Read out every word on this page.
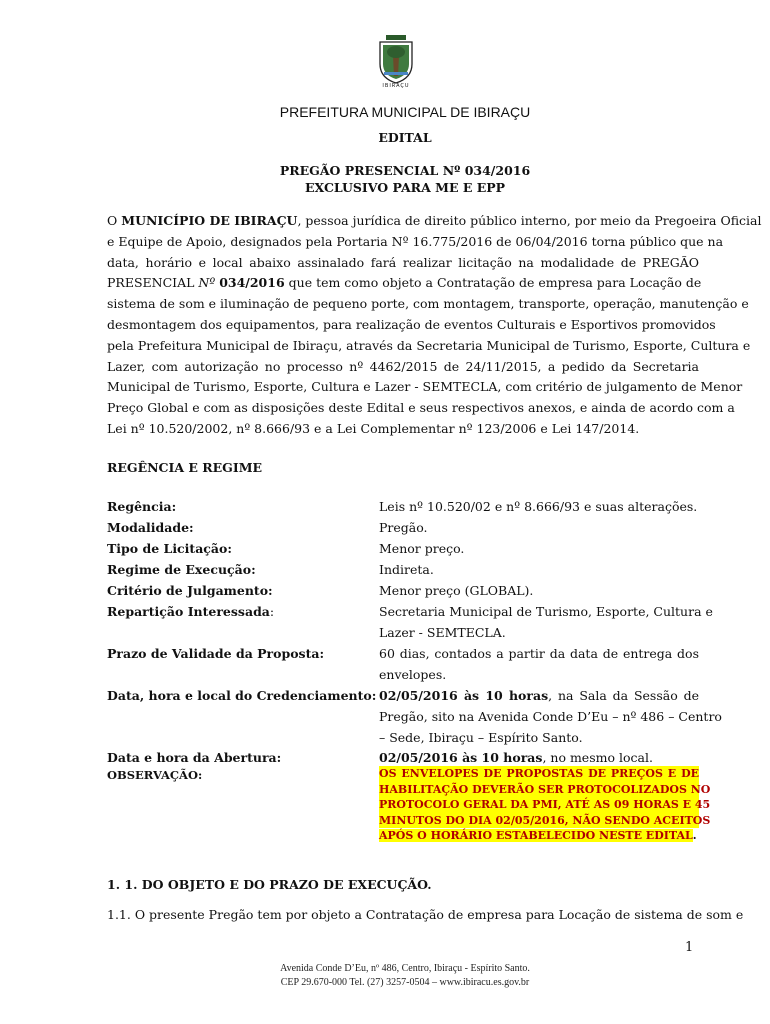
IBIRAÇU
PREFEITURA MUNICIPAL DE IBIRAÇU
EDITAL
PREGÃO PRESENCIAL Nº 034/2016
EXCLUSIVO PARA ME E EPP
O MUNICÍPIO DE IBIRAÇU, pessoa jurídica de direito público interno, por meio da Pregoeira Oficial
e Equipe de Apoio, designados pela Portaria Nº 16.775/2016 de 06/04/2016 torna público que na
data, horário e local abaixo assinalado fará realizar licitação na modalidade de PREGÃO
PRESENCIAL Nº 034/2016 que tem como objeto a Contratação de empresa para Locação de
sistema de som e iluminação de pequeno porte, com montagem, transporte, operação, manutenção e
desmontagem dos equipamentos, para realização de eventos Culturais e Esportivos promovidos
pela Prefeitura Municipal de Ibiraçu, através da Secretaria Municipal de Turismo, Esporte, Cultura e
Lazer, com autorização no processo nº 4462/2015 de 24/11/2015, a pedido da Secretaria
Municipal de Turismo, Esporte, Cultura e Lazer - SEMTECLA, com critério de julgamento de Menor
Preço Global e com as disposições deste Edital e seus respectivos anexos, e ainda de acordo com a
Lei nº 10.520/2002, nº 8.666/93 e a Lei Complementar nº 123/2006 e Lei 147/2014.
REGÊNCIA E REGIME
Regência:	Leis nº 10.520/02 e nº 8.666/93 e suas alterações.
Modalidade:	Pregão.
Tipo de Licitação:	Menor preço.
Regime de Execução:	Indireta.
Critério de Julgamento:	Menor preço (GLOBAL).
Repartição Interessada:	Secretaria Municipal de Turismo, Esporte, Cultura e
Lazer - SEMTECLA.
Prazo de Validade da Proposta:	60 dias, contados a partir da data de entrega dos
envelopes.
Data, hora e local do Credenciamento: 02/05/2016 às 10 horas, na Sala da Sessão de
Pregão, sito na Avenida Conde D’Eu – nº 486 – Centro
– Sede, Ibiraçu – Espírito Santo.
Data e hora da Abertura:	02/05/2016 às 10 horas, no mesmo local.
OBSERVAÇÃO:	OS ENVELOPES DE PROPOSTAS DE PREÇOS E DE
HABILITAÇÃO DEVERÃO SER PROTOCOLIZADOS NO
PROTOCOLO GERAL DA PMI, ATÉ AS 09 HORAS E 45
MINUTOS DO DIA 02/05/2016, NÃO SENDO ACEITOS
APÓS O HORÁRIO ESTABELECIDO NESTE EDITAL.
1. 1. DO OBJETO E DO PRAZO DE EXECUÇÃO.
1.1. O presente Pregão tem por objeto a Contratação de empresa para Locação de sistema de som e
1
Avenida Conde D’Eu, nº 486, Centro, Ibiraçu - Espírito Santo.
CEP 29.670-000 Tel. (27) 3257-0504 – www.ibiracu.es.gov.br
